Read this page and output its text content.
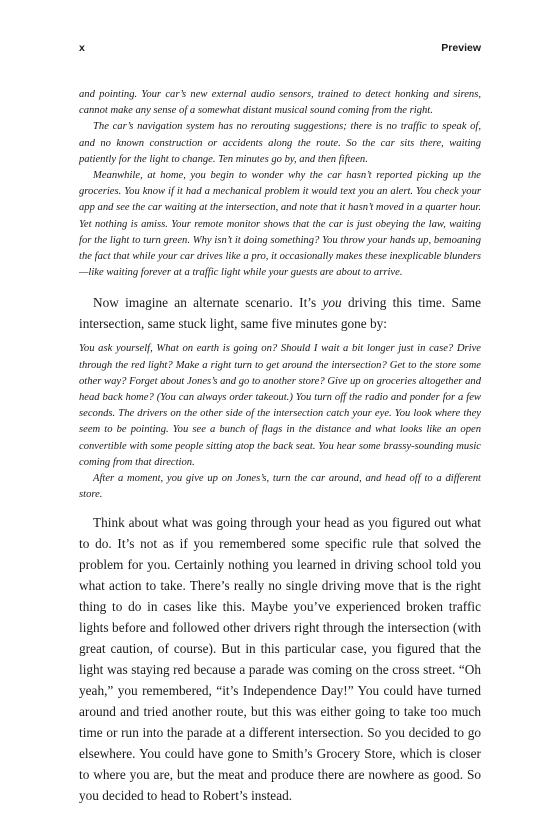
x	Preview

and pointing. Your car’s new external audio sensors, trained to detect honking and sirens, cannot make any sense of a somewhat distant musical sound coming from the right.

The car’s navigation system has no rerouting suggestions; there is no traffic to speak of, and no known construction or accidents along the route. So the car sits there, waiting patiently for the light to change. Ten minutes go by, and then fifteen.

Meanwhile, at home, you begin to wonder why the car hasn’t reported picking up the groceries. You know if it had a mechanical problem it would text you an alert. You check your app and see the car waiting at the intersection, and note that it hasn’t moved in a quarter hour. Yet nothing is amiss. Your remote monitor shows that the car is just obeying the law, waiting for the light to turn green. Why isn’t it doing something? You throw your hands up, bemoaning the fact that while your car drives like a pro, it occasionally makes these inexplicable blunders—like waiting forever at a traffic light while your guests are about to arrive.

Now imagine an alternate scenario. It’s you driving this time. Same intersection, same stuck light, same five minutes gone by:

You ask yourself, What on earth is going on? Should I wait a bit longer just in case? Drive through the red light? Make a right turn to get around the intersection? Get to the store some other way? Forget about Jones’s and go to another store? Give up on groceries altogether and head back home? (You can always order takeout.) You turn off the radio and ponder for a few seconds. The drivers on the other side of the intersection catch your eye. You look where they seem to be pointing. You see a bunch of flags in the distance and what looks like an open convertible with some people sitting atop the back seat. You hear some brassy-sounding music coming from that direction.

After a moment, you give up on Jones’s, turn the car around, and head off to a different store.

Think about what was going through your head as you figured out what to do. It’s not as if you remembered some specific rule that solved the problem for you. Certainly nothing you learned in driving school told you what action to take. There’s really no single driving move that is the right thing to do in cases like this. Maybe you’ve experienced broken traffic lights before and followed other drivers right through the intersection (with great caution, of course). But in this particular case, you figured that the light was staying red because a parade was coming on the cross street. “Oh yeah,” you remembered, “it’s Independence Day!” You could have turned around and tried another route, but this was either going to take too much time or run into the parade at a different intersection. So you decided to go elsewhere. You could have gone to Smith’s Grocery Store, which is closer to where you are, but the meat and produce there are nowhere as good. So you decided to head to Robert’s instead.
